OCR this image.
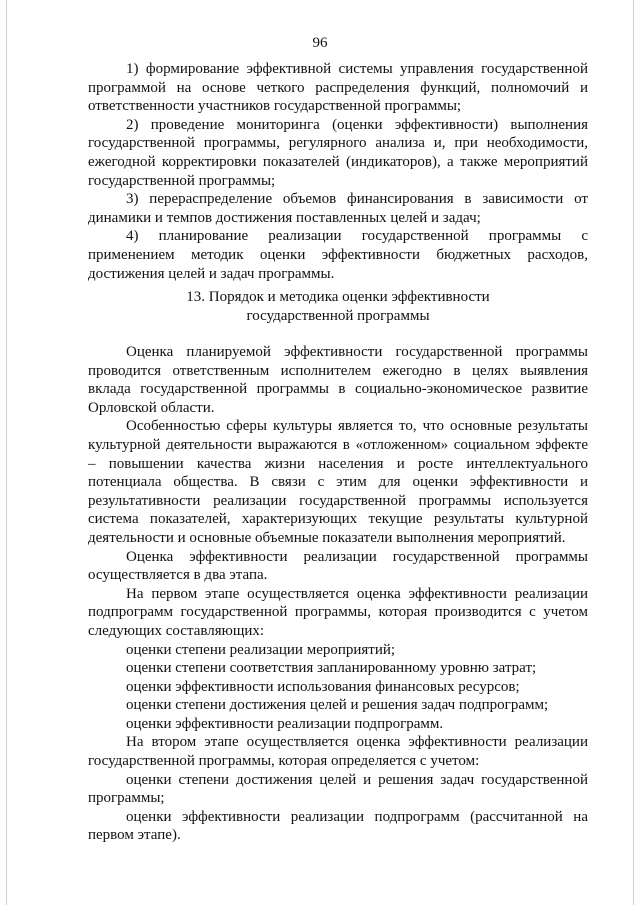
96

1) формирование эффективной системы управления государственной программой на основе четкого распределения функций, полномочий и ответственности участников государственной программы;

2) проведение мониторинга (оценки эффективности) выполнения государственной программы, регулярного анализа и, при необходимости, ежегодной корректировки показателей (индикаторов), а также мероприятий государственной программы;

3) перераспределение объемов финансирования в зависимости от динамики и темпов достижения поставленных целей и задач;

4) планирование реализации государственной программы с применением методик оценки эффективности бюджетных расходов, достижения целей и задач программы.

13. Порядок и методика оценки эффективности
государственной программы

Оценка планируемой эффективности государственной программы проводится ответственным исполнителем ежегодно в целях выявления вклада государственной программы в социально-экономическое развитие Орловской области.

Особенностью сферы культуры является то, что основные результаты культурной деятельности выражаются в «отложенном» социальном эффекте – повышении качества жизни населения и росте интеллектуального потенциала общества. В связи с этим для оценки эффективности и результативности реализации государственной программы используется система показателей, характеризующих текущие результаты культурной деятельности и основные объемные показатели выполнения мероприятий.

Оценка эффективности реализации государственной программы осуществляется в два этапа.

На первом этапе осуществляется оценка эффективности реализации подпрограмм государственной программы, которая производится с учетом следующих составляющих:

оценки степени реализации мероприятий;

оценки степени соответствия запланированному уровню затрат;

оценки эффективности использования финансовых ресурсов;

оценки степени достижения целей и решения задач подпрограмм;

оценки эффективности реализации подпрограмм.

На втором этапе осуществляется оценка эффективности реализации государственной программы, которая определяется с учетом:

оценки степени достижения целей и решения задач государственной программы;

оценки эффективности реализации подпрограмм (рассчитанной на первом этапе).
